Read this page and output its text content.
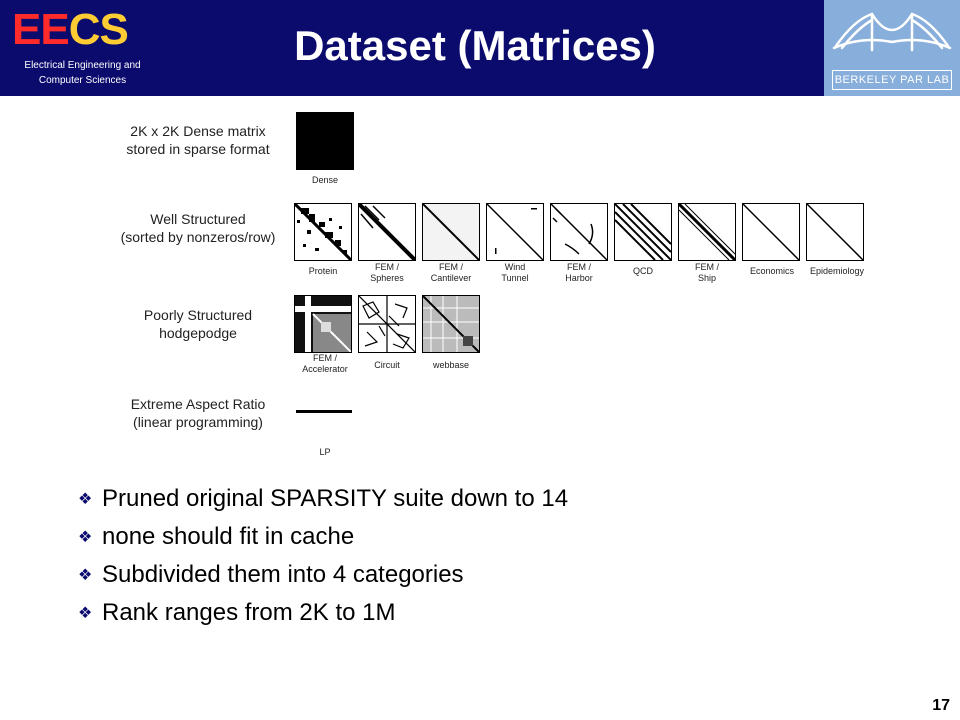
EECS
Electrical Engineering and
Computer Sciences
Dataset (Matrices)
BERKELEY PAR LAB
2K x 2K Dense matrix
stored in sparse format
Well Structured
(sorted by nonzeros/row)
Poorly Structured
hodgepodge
Extreme Aspect Ratio
(linear programming)
Dense
Protein	FEM /
Spheres
FEM /
Cantilever
Wind
Tunnel
FEM /
Harbor
QCD	FEM /
Ship
Economics	Epidemiology
FEM /
Accelerator	Circuit	webbase
LP
❖ Pruned original SPARSITY suite down to 14
❖ none should fit in cache
❖ Subdivided them into 4 categories
❖ Rank ranges from 2K to 1M
17
